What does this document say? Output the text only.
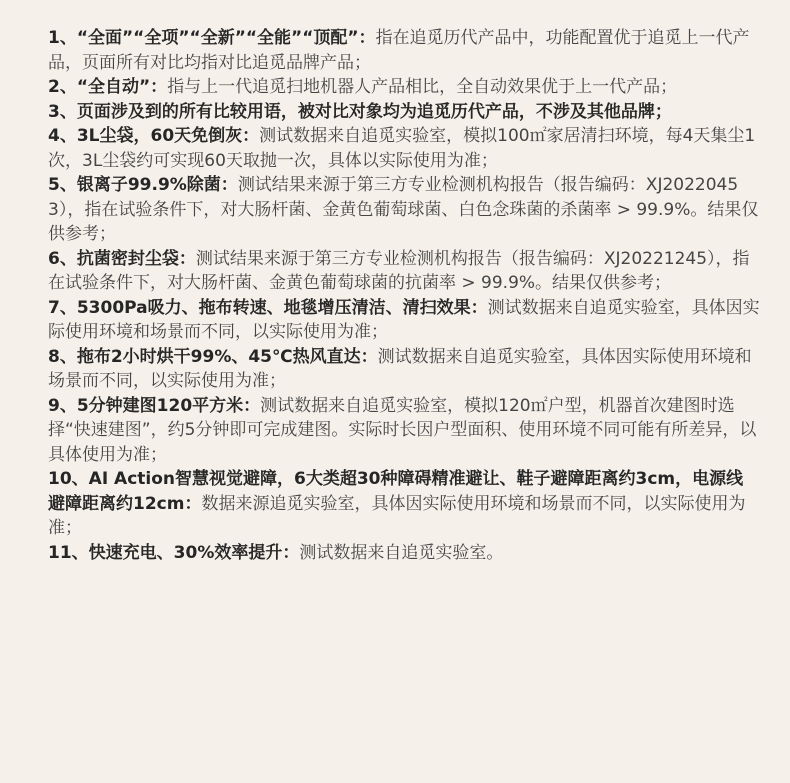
1、“全面”“全项”“全新”“全能”“顶配”：指在追觅历代产品中，功能配置优于追觅上一代产品，页面所有对比均指对比追觅品牌产品；

2、“全自动”：指与上一代追觅扫地机器人产品相比，全自动效果优于上一代产品；

3、页面涉及到的所有比较用语，被对比对象均为追觅历代产品，不涉及其他品牌；

4、3L尘袋，60天免倒灰：测试数据来自追觅实验室，模拟100㎡家居清扫环境，每4天集尘1次，3L尘袋约可实现60天取抛一次，具体以实际使用为准；

5、银离子99.9%除菌：测试结果来源于第三方专业检测机构报告（报告编码：XJ20220453），指在试验条件下，对大肠杆菌、金黄色葡萄球菌、白色念珠菌的杀菌率 > 99.9%。结果仅供参考；

6、抗菌密封尘袋：测试结果来源于第三方专业检测机构报告（报告编码：XJ20221245），指在试验条件下，对大肠杆菌、金黄色葡萄球菌的抗菌率 > 99.9%。结果仅供参考；

7、5300Pa吸力、拖布转速、地毯增压清洁、清扫效果：测试数据来自追觅实验室，具体因实际使用环境和场景而不同，以实际使用为准；

8、拖布2小时烘干99%、45℃热风直达：测试数据来自追觅实验室，具体因实际使用环境和场景而不同，以实际使用为准；

9、5分钟建图120平方米：测试数据来自追觅实验室，模拟120㎡户型，机器首次建图时选择“快速建图”，约5分钟即可完成建图。实际时长因户型面积、使用环境不同可能有所差异，以具体使用为准；

10、AI Action智慧视觉避障，6大类超30种障碍精准避让、鞋子避障距离约3cm，电源线避障距离约12cm：数据来源追觅实验室，具体因实际使用环境和场景而不同，以实际使用为准；

11、快速充电、30%效率提升：测试数据来自追觅实验室。
